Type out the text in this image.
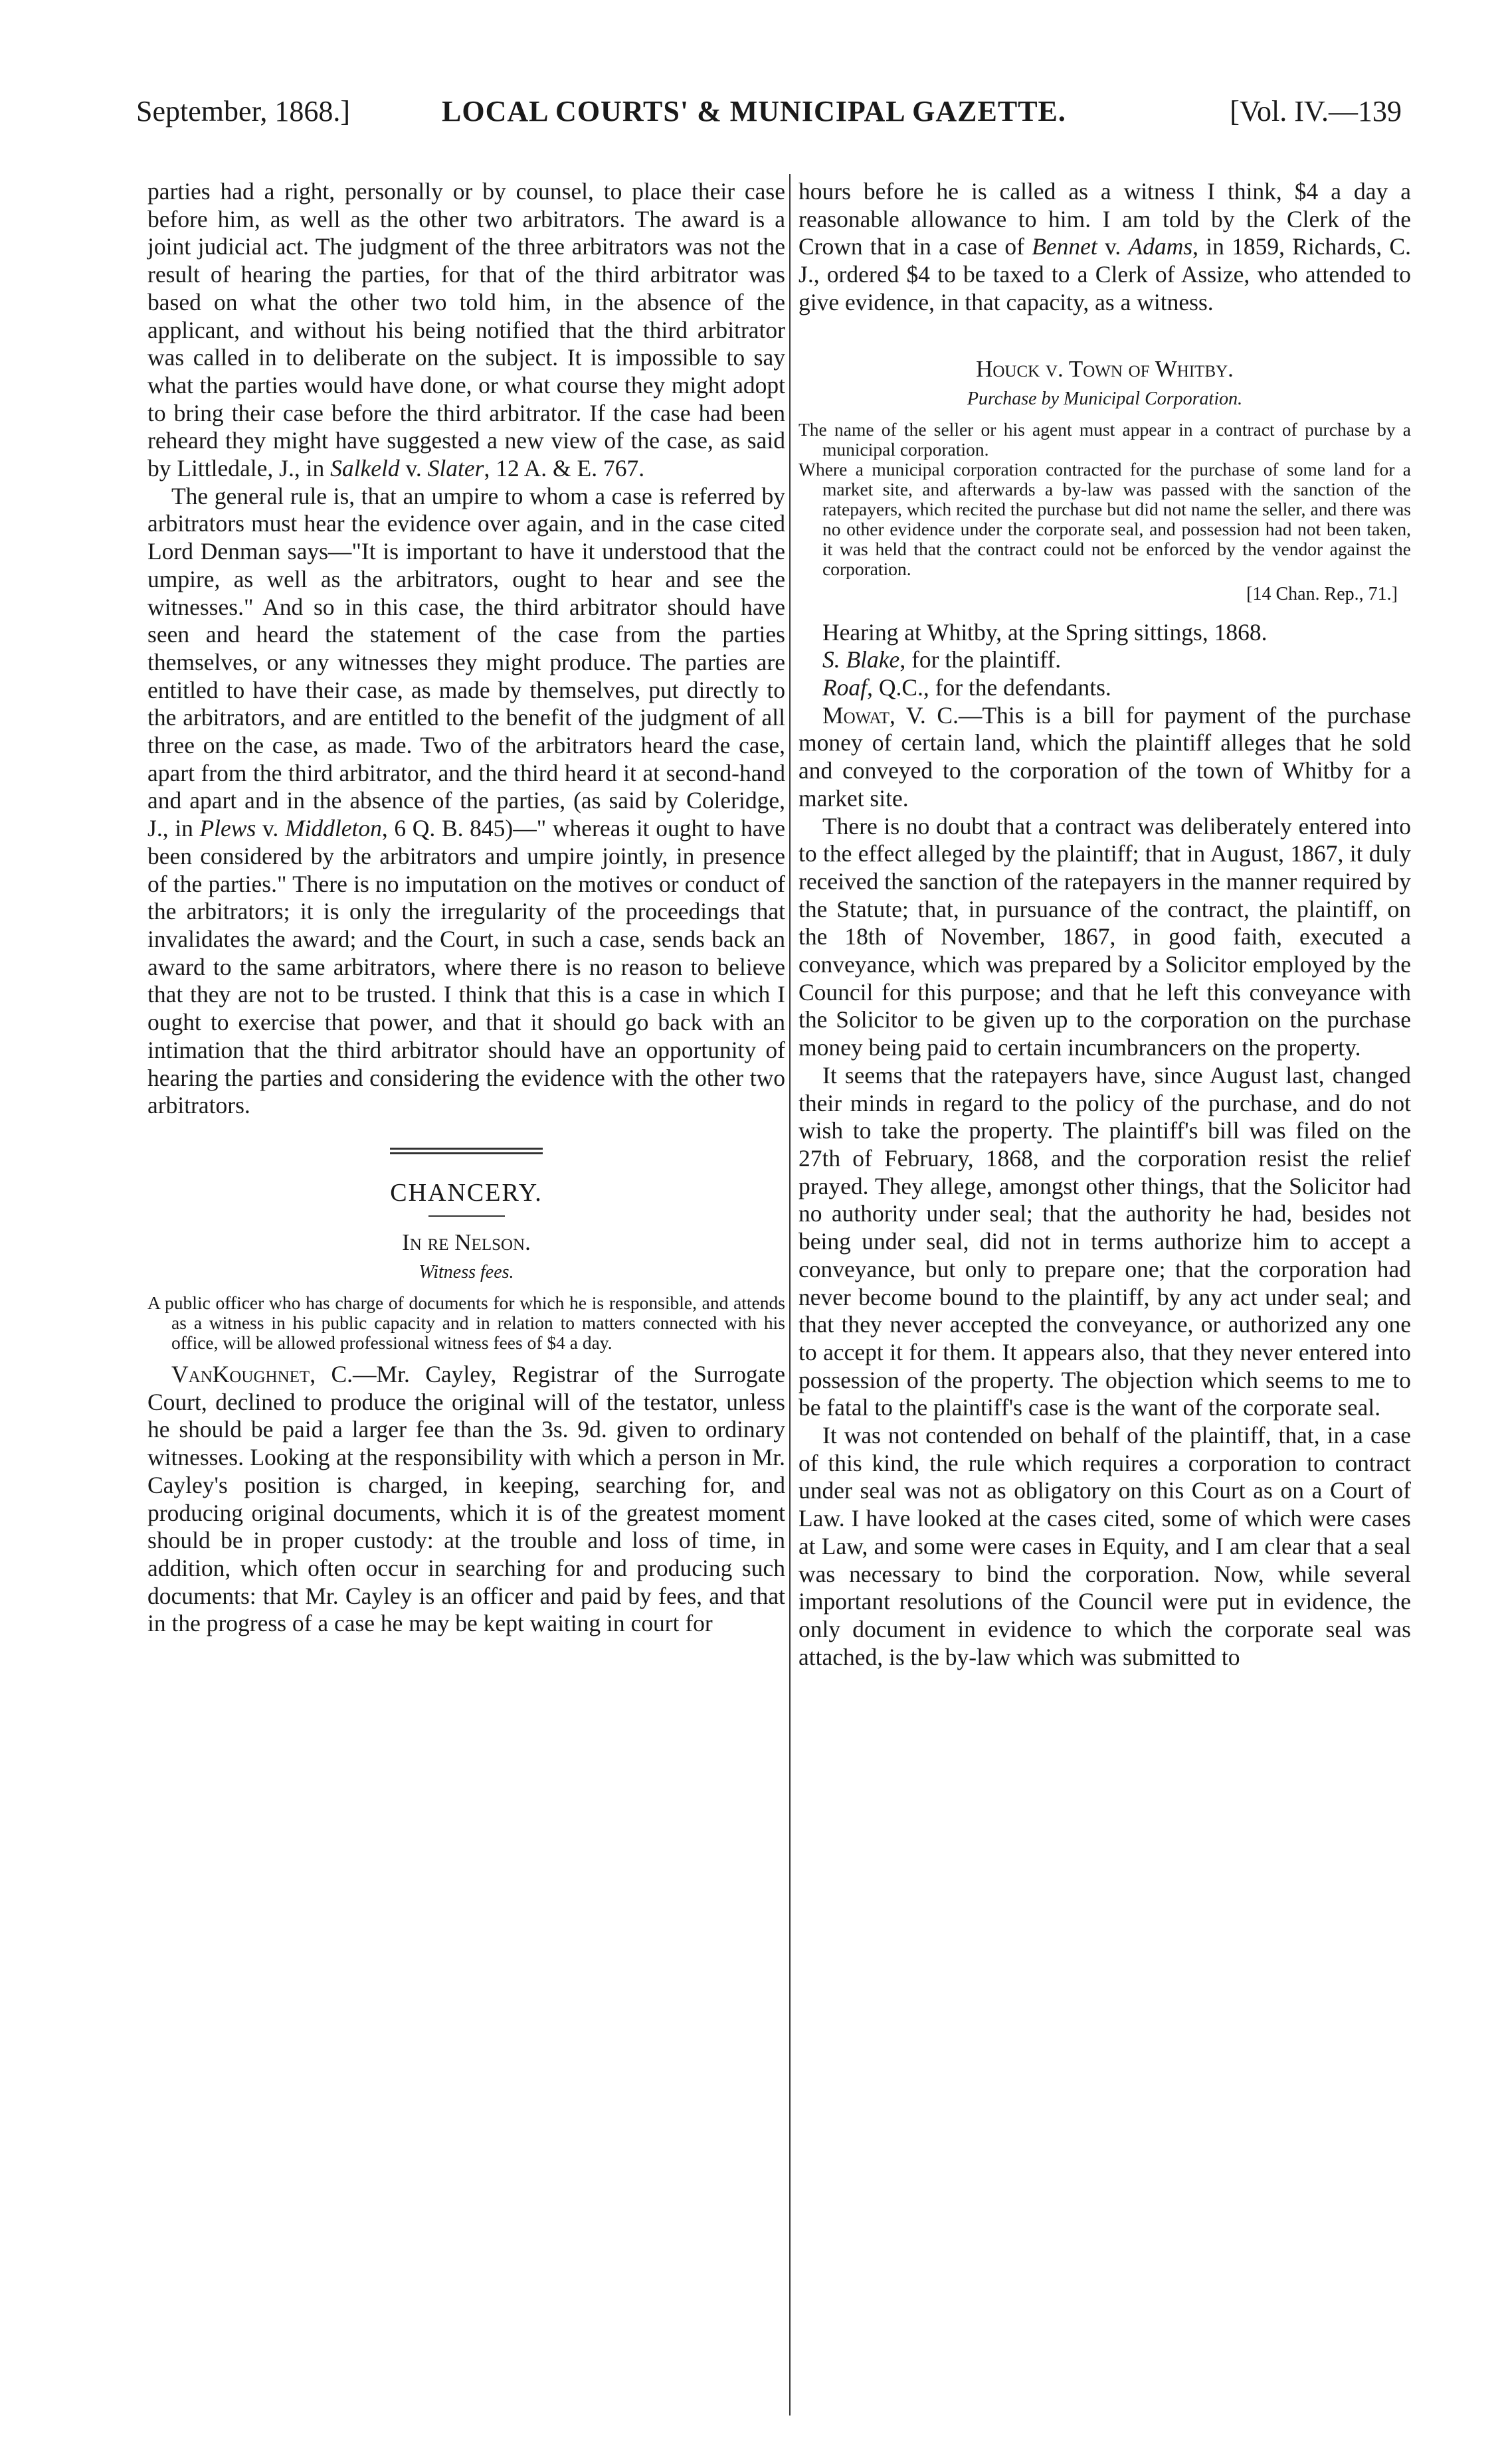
September, 1868.]	LOCAL COURTS' & MUNICIPAL GAZETTE.	[Vol. IV.—139

parties had a right, personally or by counsel, to place their case before him, as well as the other two arbitrators. The award is a joint judicial act. The judgment of the three arbitrators was not the result of hearing the parties, for that of the third arbitrator was based on what the other two told him, in the absence of the applicant, and without his being notified that the third arbitrator was called in to deliberate on the subject. It is impossible to say what the parties would have done, or what course they might adopt to bring their case before the third arbitrator. If the case had been reheard they might have suggested a new view of the case, as said by Littledale, J., in Salkeld v. Slater, 12 A. & E. 767.

The general rule is, that an umpire to whom a case is referred by arbitrators must hear the evidence over again, and in the case cited Lord Denman says—"It is important to have it understood that the umpire, as well as the arbitrators, ought to hear and see the witnesses." And so in this case, the third arbitrator should have seen and heard the statement of the case from the parties themselves, or any witnesses they might produce. The parties are entitled to have their case, as made by themselves, put directly to the arbitrators, and are entitled to the benefit of the judgment of all three on the case, as made. Two of the arbitrators heard the case, apart from the third arbitrator, and the third heard it at second-hand and apart and in the absence of the parties, (as said by Coleridge, J., in Plews v. Middleton, 6 Q. B. 845)—" whereas it ought to have been considered by the arbitrators and umpire jointly, in presence of the parties." There is no imputation on the motives or conduct of the arbitrators; it is only the irregularity of the proceedings that invalidates the award; and the Court, in such a case, sends back an award to the same arbitrators, where there is no reason to believe that they are not to be trusted. I think that this is a case in which I ought to exercise that power, and that it should go back with an intimation that the third arbitrator should have an opportunity of hearing the parties and considering the evidence with the other two arbitrators.

CHANCERY.
In re Nelson.
Witness fees.

A public officer who has charge of documents for which he is responsible, and attends as a witness in his public capacity and in relation to matters connected with his office, will be allowed professional witness fees of $4 a day.

VanKoughnet, C.—Mr. Cayley, Registrar of the Surrogate Court, declined to produce the original will of the testator, unless he should be paid a larger fee than the 3s. 9d. given to ordinary witnesses. Looking at the responsibility with which a person in Mr. Cayley's position is charged, in keeping, searching for, and producing original documents, which it is of the greatest moment should be in proper custody: at the trouble and loss of time, in addition, which often occur in searching for and producing such documents: that Mr. Cayley is an officer and paid by fees, and that in the progress of a case he may be kept waiting in court for

hours before he is called as a witness I think, $4 a day a reasonable allowance to him. I am told by the Clerk of the Crown that in a case of Bennet v. Adams, in 1859, Richards, C. J., ordered $4 to be taxed to a Clerk of Assize, who attended to give evidence, in that capacity, as a witness.

Houck v. Town of Whitby.
Purchase by Municipal Corporation.

The name of the seller or his agent must appear in a contract of purchase by a municipal corporation.

Where a municipal corporation contracted for the purchase of some land for a market site, and afterwards a by-law was passed with the sanction of the ratepayers, which recited the purchase but did not name the seller, and there was no other evidence under the corporate seal, and possession had not been taken, it was held that the contract could not be enforced by the vendor against the corporation.

[14 Chan. Rep., 71.]

Hearing at Whitby, at the Spring sittings, 1868.

S. Blake, for the plaintiff.

Roaf, Q.C., for the defendants.

Mowat, V. C.—This is a bill for payment of the purchase money of certain land, which the plaintiff alleges that he sold and conveyed to the corporation of the town of Whitby for a market site.

There is no doubt that a contract was deliberately entered into to the effect alleged by the plaintiff; that in August, 1867, it duly received the sanction of the ratepayers in the manner required by the Statute; that, in pursuance of the contract, the plaintiff, on the 18th of November, 1867, in good faith, executed a conveyance, which was prepared by a Solicitor employed by the Council for this purpose; and that he left this conveyance with the Solicitor to be given up to the corporation on the purchase money being paid to certain incumbrancers on the property.

It seems that the ratepayers have, since August last, changed their minds in regard to the policy of the purchase, and do not wish to take the property. The plaintiff's bill was filed on the 27th of February, 1868, and the corporation resist the relief prayed. They allege, amongst other things, that the Solicitor had no authority under seal; that the authority he had, besides not being under seal, did not in terms authorize him to accept a conveyance, but only to prepare one; that the corporation had never become bound to the plaintiff, by any act under seal; and that they never accepted the conveyance, or authorized any one to accept it for them. It appears also, that they never entered into possession of the property. The objection which seems to me to be fatal to the plaintiff's case is the want of the corporate seal.

It was not contended on behalf of the plaintiff, that, in a case of this kind, the rule which requires a corporation to contract under seal was not as obligatory on this Court as on a Court of Law. I have looked at the cases cited, some of which were cases at Law, and some were cases in Equity, and I am clear that a seal was necessary to bind the corporation. Now, while several important resolutions of the Council were put in evidence, the only document in evidence to which the corporate seal was attached, is the by-law which was submitted to
